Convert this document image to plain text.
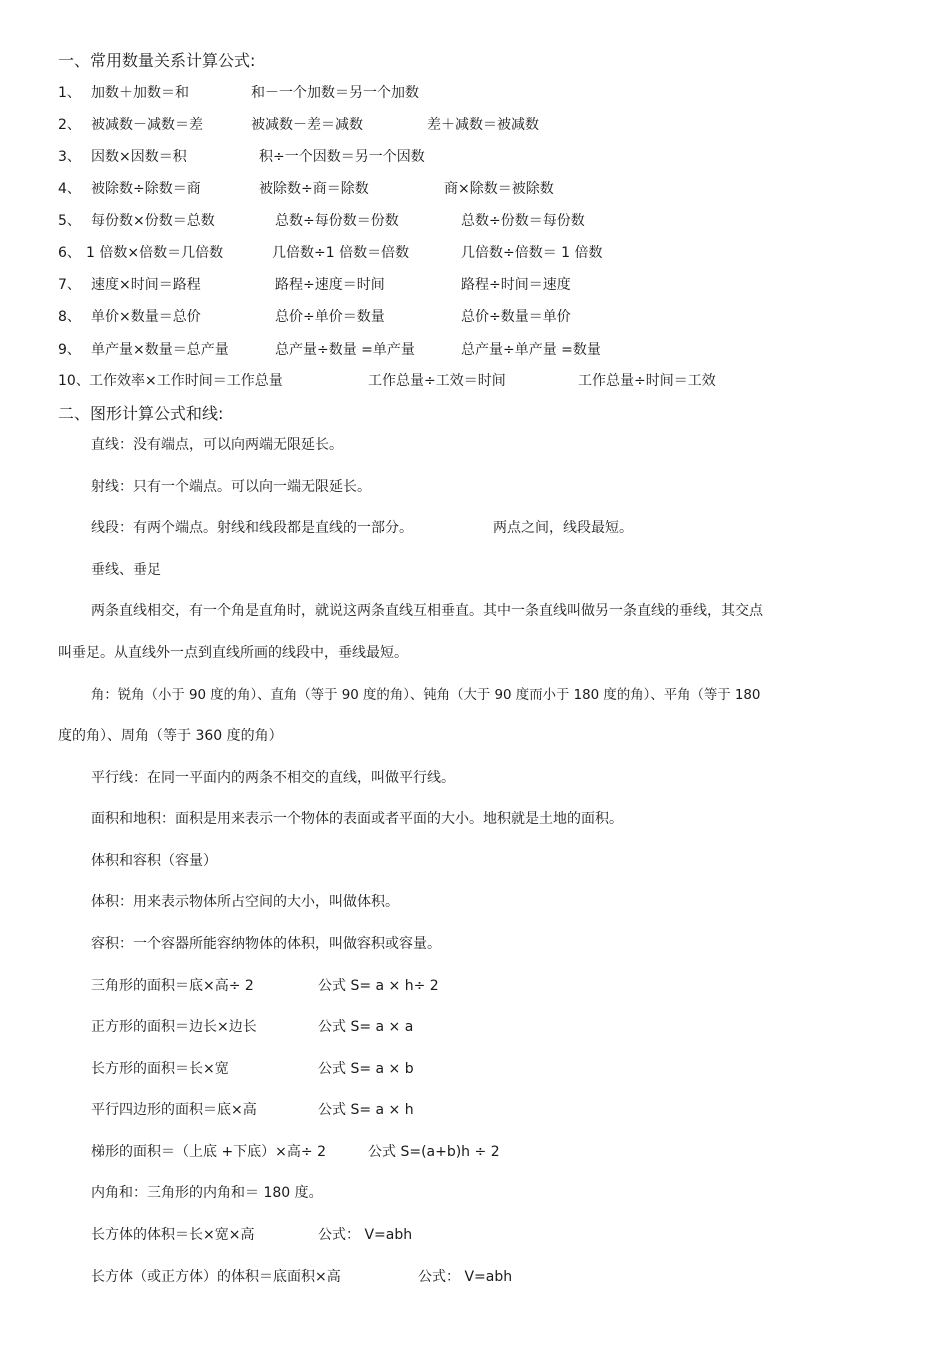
一、常用数量关系计算公式:
1、 加数＋加数＝和	和－一个加数＝另一个加数
2、 被减数－减数＝差	被减数－差＝减数	差＋减数＝被减数
3、 因数×因数＝积	积÷一个因数＝另一个因数
4、 被除数÷除数＝商	被除数÷商＝除数	商×除数＝被除数
5、 每份数×份数＝总数	总数÷每份数＝份数	总数÷份数＝每份数
6、 1 倍数×倍数＝几倍数	几倍数÷1 倍数＝倍数	几倍数÷倍数＝ 1 倍数
7、 速度×时间＝路程	路程÷速度＝时间	路程÷时间＝速度
8、 单价×数量＝总价	总价÷单价＝数量	总价÷数量＝单价
9、 单产量×数量＝总产量	总产量÷数量 =单产量	总产量÷单产量 =数量
10、 工作效率×工作时间＝工作总量	工作总量÷工效＝时间	工作总量÷时间＝工效
二、图形计算公式和线:
直线：没有端点，可以向两端无限延长。
射线：只有一个端点。可以向一端无限延长。
线段：有两个端点。射线和线段都是直线的一部分。	两点之间，线段最短。
垂线、垂足
两条直线相交，有一个角是直角时，就说这两条直线互相垂直。其中一条直线叫做另一条直线的垂线，其交点
叫垂足。从直线外一点到直线所画的线段中，垂线最短。
角：锐角（小于 90 度的角）、直角（等于 90 度的角）、钝角（大于 90 度而小于 180 度的角）、平角（等于 180
度的角）、周角（等于 360 度的角）
平行线：在同一平面内的两条不相交的直线，叫做平行线。
面积和地积：面积是用来表示一个物体的表面或者平面的大小。地积就是土地的面积。
体积和容积（容量）
体积：用来表示物体所占空间的大小，叫做体积。
容积：一个容器所能容纳物体的体积，叫做容积或容量。
三角形的面积＝底×高÷ 2	公式 S= a × h÷ 2
正方形的面积＝边长×边长	公式 S= a × a
长方形的面积＝长×宽	公式 S= a × b
平行四边形的面积＝底×高	公式 S= a × h
梯形的面积＝（上底 +下底）×高÷ 2	公式 S=(a+b)h ÷ 2
内角和：三角形的内角和＝ 180 度。
长方体的体积＝长×宽×高	公式： V=abh
长方体（或正方体）的体积＝底面积×高	公式： V=abh
